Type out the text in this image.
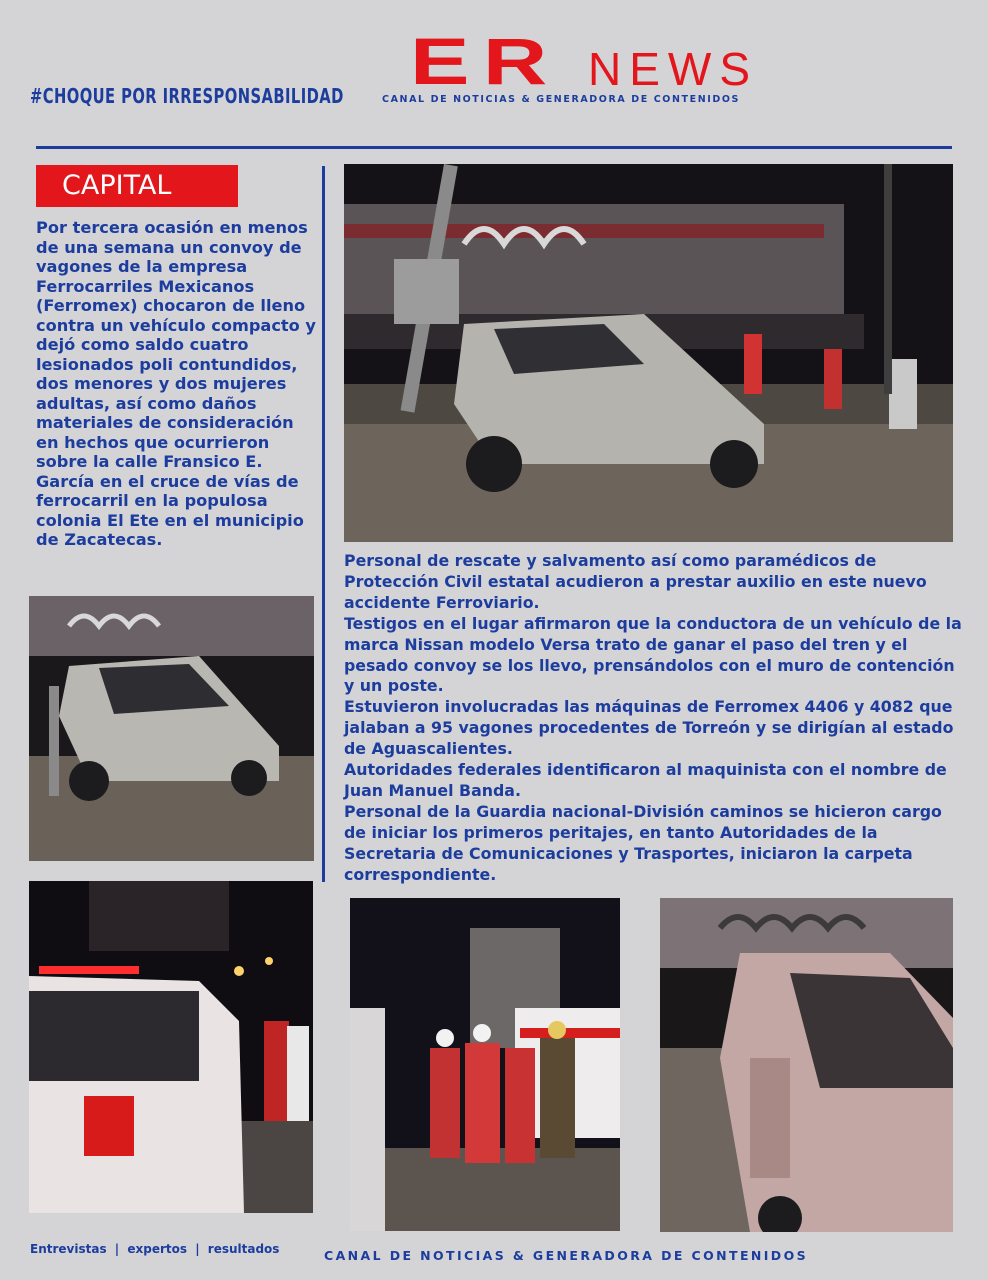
#CHOQUE POR IRRESPONSABILIDAD ER NEWS
CANAL DE NOTICIAS & GENERADORA DE CONTENIDOS
CAPITAL

Por tercera ocasión en menos de una semana un convoy de vagones de la empresa Ferrocarriles Mexicanos (Ferromex) chocaron de lleno contra un vehículo compacto y dejó como saldo cuatro lesionados poli contundidos, dos menores y dos mujeres adultas, así como daños materiales de consideración en hechos que ocurrieron sobre la calle Fransico E. García en el cruce de vías de ferrocarril en la populosa colonia El Ete en el municipio de Zacatecas.

Personal de rescate y salvamento así como paramédicos de Protección Civil estatal acudieron a prestar auxilio en este nuevo accidente Ferroviario.

Testigos en el lugar afirmaron que la conductora de un vehículo de la marca Nissan modelo Versa trato de ganar el paso del tren y el pesado convoy se los llevo, prensándolos con el muro de contención y un poste.

Estuvieron involucradas las máquinas de Ferromex 4406 y 4082 que jalaban a 95 vagones procedentes de Torreón y se dirigían al estado de Aguascalientes.

Autoridades federales identificaron al maquinista con el nombre de Juan Manuel Banda.

Personal de la Guardia nacional-División caminos se hicieron cargo de iniciar los primeros peritajes, en tanto Autoridades de la Secretaria de Comunicaciones y Trasportes, iniciaron la carpeta correspondiente.

Entrevistas | expertos | resultados	CANAL DE NOTICIAS & GENERADORA DE CONTENIDOS
